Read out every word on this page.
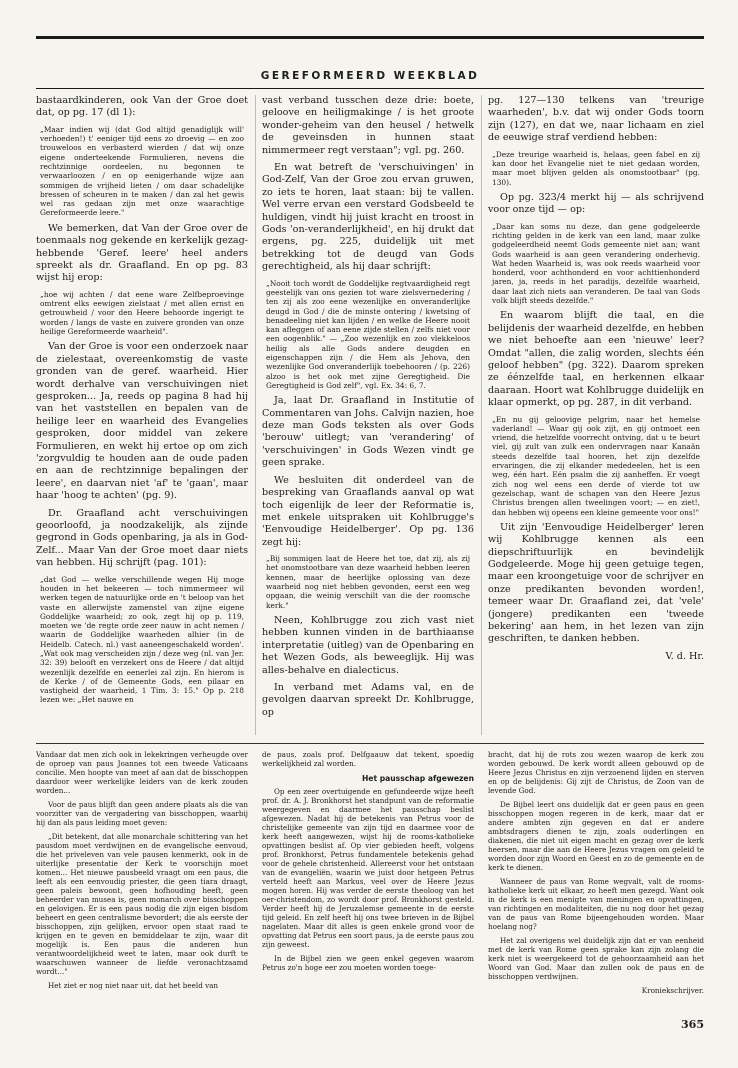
GEREFORMEERD WEEKBLAD

bastaardkinderen, ook Van der Groe doet dat, op pg. 17 (dl 1):

„Maar indien wij (dat God altijd genadiglijk will' verhoeden!) t' eeniger tijd eens zo droevig — en zoo trouweloos en verbasterd wierden / dat wij onze eigene onderteekende Formulieren, nevens die rechtzinnige oordeelen, nu begonnen te verwaarloozen / en op eenigerhande wijze aan sommigen de vrijheid lieten / om daar schadelijke bressen of scheuren in te maken / dan zal het gewis wel ras gedaan zijn met onze waarachtige Gereformeerde leere."

We bemerken, dat Van der Groe over de toenmaals nog gekende en kerkelijk gezag-hebbende 'Geref. leere' heel anders spreekt als dr. Graafland. En op pg. 83 wijst hij erop:

„hoe wij achten / dat eene ware Zelfbeproevinge omtrent elks eewigen zielstaat / met allen ernst en getrouwheid / voor den Heere behoorde ingerigt te worden / langs de vaste en zuivere gronden van onze heilige Gereformeerde waarheid".

Van der Groe is voor een onderzoek naar de zielestaat, overeenkomstig de vaste gronden van de geref. waarheid. Hier wordt derhalve van verschuivingen niet gesproken... Ja, reeds op pagina 8 had hij van het vaststellen en bepalen van de heilige leer en waarheid des Evangelies gesproken, door middel van zekere Formulieren, en wekt hij ertoe op om zich 'zorgvuldig te houden aan de oude paden en aan de rechtzinnige bepalingen der leere', en daarvan niet 'af' te 'gaan', maar haar 'hoog te achten' (pg. 9).

Dr. Graafland acht verschuivingen geoorloofd, ja noodzakelijk, als zijnde gegrond in Gods openbaring, ja als in God-Zelf... Maar Van der Groe moet daar niets van hebben. Hij schrijft (pag. 101):

„dat God — welke verschillende wegen Hij moge houden in het bekeeren — toch nimmermeer wil werken tegen de natuurlijke orde en 't beloop van het vaste en allerwijste zamenstel van zijne eigene Goddelijke waarheid; zo ook, zegt hij op p. 119, moeten we 'de regte orde zeer nauw in acht nemen / waarin de Goddelijke waarheden alhier (in de Heidelb. Catech. nl.) vast aaneengeschakeld worden'. „Wat ook mag verscheiden zijn / deze weg (nl. van Jer. 32: 39) belooft en verzekert ons de Heere / dat altijd wezenlijk dezelfde en eenerlei zal zijn. En hierom is de Kerke / of de Gemeente Gods, een pilaar en vastigheid der waarheid, 1 Tim. 3: 15." Op p. 218 lezen we: „Het nauwe en

vast verband tusschen deze drie: boete, geloove en heiligmakinge / is het groote wonder-geheim van den heusel / hetwelk de geveinsden in hunnen staat nimmermeer regt verstaan"; vgl. pg. 260.

En wat betreft de 'verschuivingen' in God-Zelf, Van der Groe zou ervan gruwen, zo iets te horen, laat staan: bij te vallen. Wel verre ervan een verstard Godsbeeld te huldigen, vindt hij juist kracht en troost in Gods 'on-veranderlijkheid', en hij drukt dat ergens, pg. 225, duidelijk uit met betrekking tot de deugd van Gods gerechtigheid, als hij daar schrijft:

„Nooit toch wordt de Goddelijke regtvaardigheid regt geestelijk van ons gezien tot ware zielsvernedering / ten zij als zoo eene wezenlijke en onveranderlijke deugd in God / die de minste ontering / kwetsing of benadeeling niet kan lijden / en welke de Heere nooit kan afleggen of aan eene zijde stellen / zelfs niet voor een oogenblik." — „Zoo wezenlijk en zoo vlekkeloos heilig als alle Gods andere deugden en eigenschappen zijn / die Hem als Jehova, den wezenlijke God onveranderlijk toebehooren / (p. 226) alzoo is het ook met zijne Geregtigheid. Die Geregtigheid is God zelf", vgl. Ex. 34: 6, 7.

Ja, laat Dr. Graafland in Institutie of Commentaren van Johs. Calvijn nazien, hoe deze man Gods teksten als over Gods 'berouw' uitlegt; van 'verandering' of 'verschuivingen' in Gods Wezen vindt ge geen sprake.

We besluiten dit onderdeel van de bespreking van Graaflands aanval op wat toch eigenlijk de leer der Reformatie is, met enkele uitspraken uit Kohlbrugge's 'Eenvoudige Heidelberger'. Op pg. 136 zegt hij:

„Bij sommigen laat de Heere het toe, dat zij, als zij het onomstootbare van deze waarheid hebben leeren kennen, maar de heerlijke oplossing van deze waarheid nog niet hebben gevonden, eerst een weg opgaan, die weinig verschilt van die der roomsche kerk."

Neen, Kohlbrugge zou zich vast niet hebben kunnen vinden in de barthiaanse interpretatie (uitleg) van de Openbaring en het Wezen Gods, als beweeglijk. Hij was alles-behalve en dialecticus.

In verband met Adams val, en de gevolgen daarvan spreekt Dr. Kohlbrugge, op

pg. 127—130 telkens van 'treurige waarheden', b.v. dat wij onder Gods toorn zijn (127), en dat we, naar lichaam en ziel de eeuwige straf verdiend hebben:

„Deze treurige waarheid is, helaas, geen fabel en zij kan door het Evangelie niet te niet gedaan worden, maar moet blijven gelden als onomstootbaar" (pg. 130).

Op pg. 323/4 merkt hij — als schrijvend voor onze tijd — op:

„Daar kan soms nu deze, dan gene godgeleerde richting gelden in de kerk van een land, maar zulke godgeleerdheid neemt Gods gemeente niet aan; want Gods waarheid is aan geen verandering onderhevig. Wat heden Waarheid is, was ook reeds waarheid voor honderd, voor achthonderd en voor achttienhonderd jaren, ja, reeds in het paradijs, dezelfde waarheid, daar laat zich niets aan veranderen. De taal van Gods volk blijft steeds dezelfde."

En waarom blijft die taal, en die belijdenis der waarheid dezelfde, en hebben we niet behoefte aan een 'nieuwe' leer? Omdat "allen, die zalig worden, slechts één geloof hebben" (pg. 322). Daarom spreken ze éénzelfde taal, en herkennen elkaar daaraan. Hoort wat Kohlbrugge duidelijk en klaar opmerkt, op pg. 287, in dit verband.

„En nu gij geloovige pelgrim, naar het hemelse vaderland! — Waar gij ook zijt, en gij ontmoet een vriend, die hetzelfde voorrecht ontving, dat u te beurt viel, gij zult van zulk een ondervragen naar Kanaän steeds dezelfde taal hooren, het zijn dezelfde ervaringen, die zij elkander mededeelen, het is een weg, één hart. Eén psalm die zij aanheffen. Er voegt zich nog wel eens een derde of vierde tot uw gezelschap, want de schapen van den Heere Jezus Christus brengen allen tweelingen voort; — en ziet!, dan hebben wij opeens een kleine gemeente voor ons!"

Uit zijn 'Eenvoudige Heidelberger' leren wij Kohlbrugge kennen als een diepschriftuurlijk en bevindelijk Godgeleerde. Moge hij geen getuige tegen, maar een kroongetuige voor de schrijver en onze predikanten bevonden worden!, temeer waar Dr. Graafland zei, dat 'vele' (jongere) predikanten een 'tweede bekering' aan hem, in het lezen van zijn geschriften, te danken hebben.

V. d. Hr.

Vandaar dat men zich ook in lekekringen verheugde over de oproep van paus Joannes tot een tweede Vaticaans concilie. Men hoopte van meet af aan dat de bisschoppen daardoor weer werkelijke leiders van de kerk zouden worden...

Voor de paus blijft dan geen andere plaats als die van voorzitter van de vergadering van bisschoppen, waarbij hij dan als paus leiding moet geven:

„Dit betekent, dat alle monarchale schittering van het pausdom moet verdwijnen en de evangelische eenvoud, die het priveleven van vele pausen kenmerkt, ook in de uiterlijke presentatie der Kerk te voorschijn moet komen... Het nieuwe pausbeeld vraagt om een paus, die leeft als een eenvoudig priester, die geen tiara draagt, geen paleis bewoont, geen hofhouding heeft, geen beheerder van musea is, geen monarch over bisschoppen en gelovigen. Er is een paus nodig die zijn eigen bisdom beheert en geen centralisme bevordert; die als eerste der bisschoppen, zijn gelijken, ervoor open staat raad te krijgen en te geven en bemiddelaar te zijn, waar dit mogelijk is. Een paus die anderen hun verantwoordelijkheid weet te laten, maar ook durft te waarschuwen wanneer de liefde veronachtzaamd wordt..."

Het ziet er nog niet naar uit, dat het beeld van

de paus, zoals prof. Delfgaauw dat tekent, spoedig werkelijkheid zal worden.

Het pausschap afgewezen

Op een zeer overtuigende en gefundeerde wijze heeft prof. dr. A. J. Bronkhorst het standpunt van de reformatie weergegeven en daarmee het pausschap beslist afgewezen. Nadat hij de betekenis van Petrus voor de christelijke gemeente van zijn tijd en daarmee voor de kerk heeft aangewezen, wijst hij de rooms-katholieke opvattingen beslist af. Op vier gebieden heeft, volgens prof. Bronkhorst, Petrus fundamentele betekenis gehad voor de gehele christenheid. Allereerst voor het ontstaan van de evangeliën, waarin we juist door hetgeen Petrus verteld heeft aan Markus, veel over de Heere Jezus mogen horen. Hij was verder de eerste theoloog van het oer-christendom, zo wordt door prof. Bronkhorst gesteld. Verder heeft hij de Jeruzalemse gemeente in de eerste tijd geleid. En zelf heeft hij ons twee brieven in de Bijbel nagelaten. Maar dit alles is geen enkele grond voor de opvatting dat Petrus een soort paus, ja de eerste paus zou zijn geweest.

In de Bijbel zien we geen enkel gegeven waarom Petrus zo'n hoge eer zou moeten worden toege-

bracht, dat hij de rots zou wezen waarop de kerk zou worden gebouwd. De kerk wordt alleen gebouwd op de Heere Jezus Christus en zijn verzoenend lijden en sterven en op de belijdenis: Gij zijt de Christus, de Zoon van de levende God.

De Bijbel leert ons duidelijk dat er geen paus en geen bisschoppen mogen regeren in de kerk, maar dat er andere ambten zijn gegeven en dat er andere ambtsdragers dienen te zijn, zoals ouderlingen en diakenen, die niet uit eigen macht en gezag over de kerk heersen, maar die aan de Heere Jezus vragen om geleid te worden door zijn Woord en Geest en zo de gemeente en de kerk te dienen.

Wanneer de paus van Rome wegvalt, valt de rooms-katholieke kerk uit elkaar, zo heeft men gezegd. Want ook in de kerk is een menigte van meningen en opvattingen, van richtingen en modaliteiten, die nu nog door het gezag van de paus van Rome bijeengehouden worden. Maar hoelang nog?

Het zal overigens wel duidelijk zijn dat er van eenheid met de kerk van Rome geen sprake kan zijn zolang die kerk niet is weergekeerd tot de gehoorzaamheid aan het Woord van God. Maar dan zullen ook de paus en de bisschoppen verdwijnen.

Kroniekschrijver.

365
